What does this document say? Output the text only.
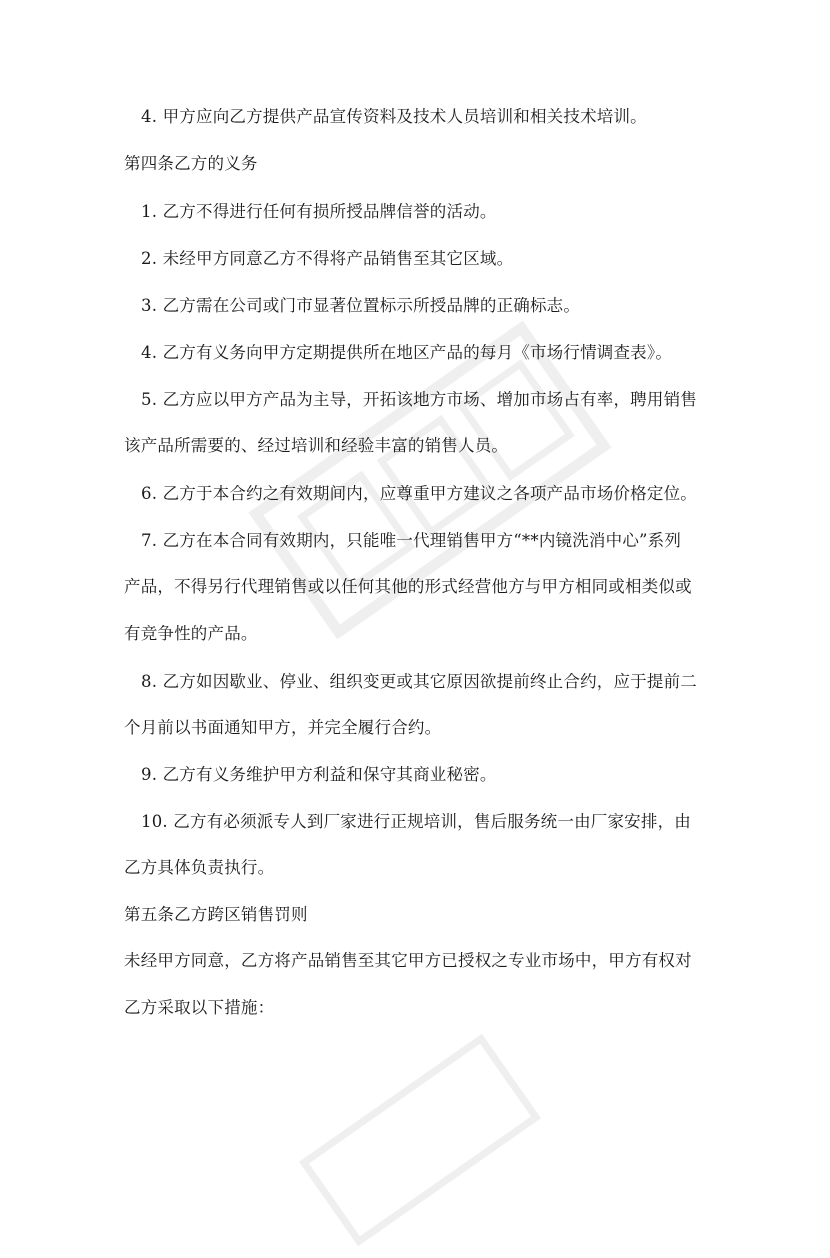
4. 甲方应向乙方提供产品宣传资料及技术人员培训和相关技术培训。
第四条乙方的义务
1. 乙方不得进行任何有损所授品牌信誉的活动。
2. 未经甲方同意乙方不得将产品销售至其它区域。
3. 乙方需在公司或门市显著位置标示所授品牌的正确标志。
4. 乙方有义务向甲方定期提供所在地区产品的每月《市场行情调查表》。
5. 乙方应以甲方产品为主导，开拓该地方市场、增加市场占有率，聘用销售
该产品所需要的、经过培训和经验丰富的销售人员。
6. 乙方于本合约之有效期间内，应尊重甲方建议之各项产品市场价格定位。
7. 乙方在本合同有效期内，只能唯一代理销售甲方“**内镜洗消中心”系列
产品，不得另行代理销售或以任何其他的形式经营他方与甲方相同或相类似或
有竞争性的产品。
8. 乙方如因歇业、停业、组织变更或其它原因欲提前终止合约，应于提前二
个月前以书面通知甲方，并完全履行合约。
9. 乙方有义务维护甲方利益和保守其商业秘密。
10. 乙方有必须派专人到厂家进行正规培训，售后服务统一由厂家安排，由
乙方具体负责执行。
第五条乙方跨区销售罚则
未经甲方同意，乙方将产品销售至其它甲方已授权之专业市场中，甲方有权对
乙方采取以下措施：
